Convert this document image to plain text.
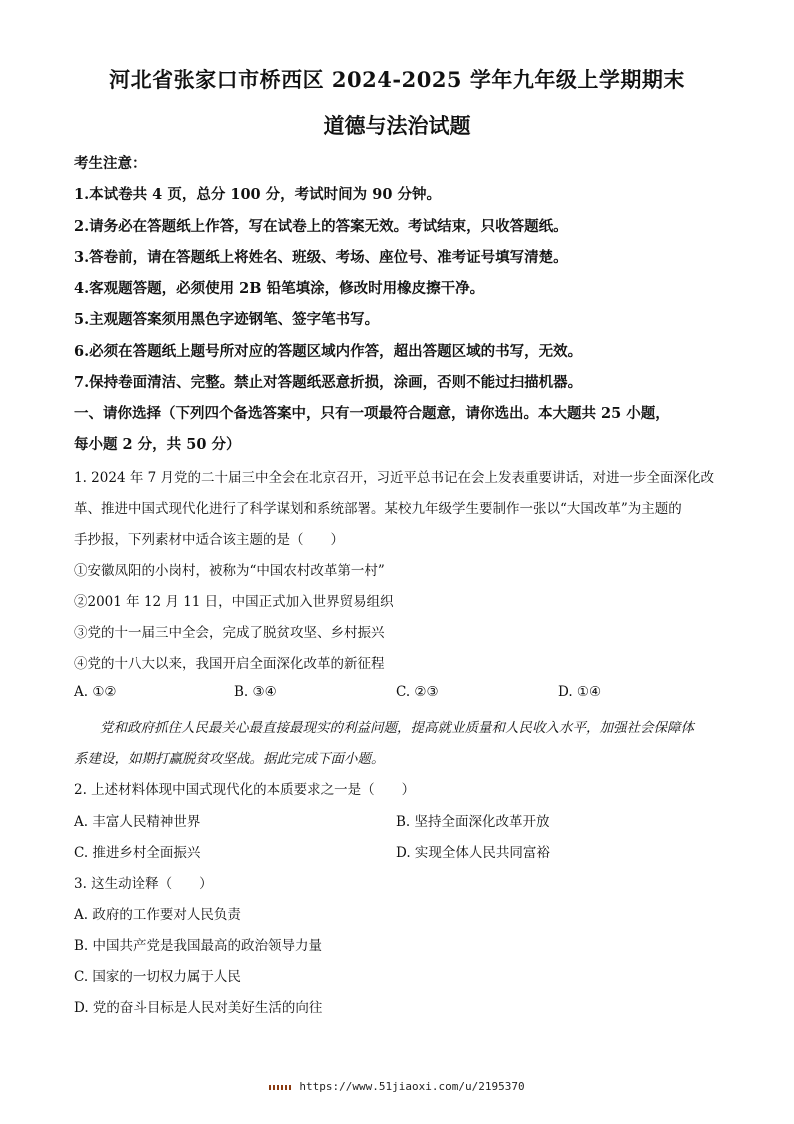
河北省张家口市桥西区 2024-2025 学年九年级上学期期末
道德与法治试题
考生注意：
1.本试卷共 4 页，总分 100 分，考试时间为 90 分钟。
2.请务必在答题纸上作答，写在试卷上的答案无效。考试结束，只收答题纸。
3.答卷前，请在答题纸上将姓名、班级、考场、座位号、准考证号填写清楚。
4.客观题答题，必须使用 2B 铅笔填涂，修改时用橡皮擦干净。
5.主观题答案须用黑色字迹钢笔、签字笔书写。
6.必须在答题纸上题号所对应的答题区域内作答，超出答题区域的书写，无效。
7.保持卷面清洁、完整。禁止对答题纸恶意折损，涂画，否则不能过扫描机器。
一、请你选择（下列四个备选答案中，只有一项最符合题意，请你选出。本大题共 25 小题，
每小题 2 分，共 50 分）
1. 2024 年 7 月党的二十届三中全会在北京召开，习近平总书记在会上发表重要讲话，对进一步全面深化改
革、推进中国式现代化进行了科学谋划和系统部署。某校九年级学生要制作一张以“大国改革”为主题的
手抄报，下列素材中适合该主题的是（　　）
①安徽凤阳的小岗村，被称为“中国农村改革第一村”
②2001 年 12 月 11 日，中国正式加入世界贸易组织
③党的十一届三中全会，完成了脱贫攻坚、乡村振兴
④党的十八大以来，我国开启全面深化改革的新征程
A. ①②	B. ③④	C. ②③	D. ①④
党和政府抓住人民最关心最直接最现实的利益问题，提高就业质量和人民收入水平，加强社会保障体
系建设，如期打赢脱贫攻坚战。据此完成下面小题。
2. 上述材料体现中国式现代化的本质要求之一是（　　）
A. 丰富人民精神世界	B. 坚持全面深化改革开放
C. 推进乡村全面振兴	D. 实现全体人民共同富裕
3. 这生动诠释（　　）
A. 政府的工作要对人民负责
B. 中国共产党是我国最高的政治领导力量
C. 国家的一切权力属于人民
D. 党的奋斗目标是人民对美好生活的向往
https://www.51jiaoxi.com/u/2195370
